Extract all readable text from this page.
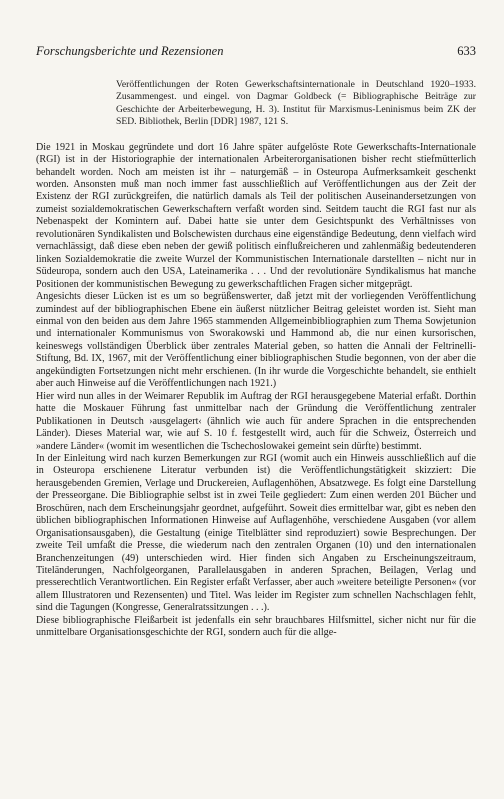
Forschungsberichte und Rezensionen	633
Veröffentlichungen der Roten Gewerkschaftsinternationale in Deutschland 1920–1933. Zusammengest. und eingel. von Dagmar Goldbeck (= Bibliographische Beiträge zur Geschichte der Arbeiterbewegung, H. 3). Institut für Marxismus-Leninismus beim ZK der SED. Bibliothek, Berlin [DDR] 1987, 121 S.

Die 1921 in Moskau gegründete und dort 16 Jahre später aufgelöste Rote Gewerkschafts-Internationale (RGI) ist in der Historiographie der internationalen Arbeiterorganisationen bisher recht stiefmütterlich behandelt worden. Noch am meisten ist ihr – naturgemäß – in Osteuropa Aufmerksamkeit geschenkt worden. Ansonsten muß man noch immer fast ausschließlich auf Veröffentlichungen aus der Zeit der Existenz der RGI zurückgreifen, die natürlich damals als Teil der politischen Auseinandersetzungen von zumeist sozialdemokratischen Gewerkschaftern verfaßt worden sind. Seitdem taucht die RGI fast nur als Nebenaspekt der Komintern auf. Dabei hatte sie unter dem Gesichtspunkt des Verhältnisses von revolutionären Syndikalisten und Bolschewisten durchaus eine eigenständige Bedeutung, denn vielfach wird vernachlässigt, daß diese eben neben der gewiß politisch einflußreicheren und zahlenmäßig bedeutenderen linken Sozialdemokratie die zweite Wurzel der Kommunistischen Internationale darstellten – nicht nur in Südeuropa, sondern auch den USA, Lateinamerika . . . Und der revolutionäre Syndikalismus hat manche Positionen der kommunistischen Bewegung zu gewerkschaftlichen Fragen sicher mitgeprägt.

Angesichts dieser Lücken ist es um so begrüßenswerter, daß jetzt mit der vorliegenden Veröffentlichung zumindest auf der bibliographischen Ebene ein äußerst nützlicher Beitrag geleistet worden ist. Sieht man einmal von den beiden aus dem Jahre 1965 stammenden Allgemeinbibliographien zum Thema Sowjetunion und internationaler Kommunismus von Sworakowski und Hammond ab, die nur einen kursorischen, keineswegs vollständigen Überblick über zentrales Material geben, so hatten die Annali der Feltrinelli-Stiftung, Bd. IX, 1967, mit der Veröffentlichung einer bibliographischen Studie begonnen, von der aber die angekündigten Fortsetzungen nicht mehr erschienen. (In ihr wurde die Vorgeschichte behandelt, sie enthielt aber auch Hinweise auf die Veröffentlichungen nach 1921.)

Hier wird nun alles in der Weimarer Republik im Auftrag der RGI herausgegebene Material erfaßt. Dorthin hatte die Moskauer Führung fast unmittelbar nach der Gründung die Veröffentlichung zentraler Publikationen in Deutsch ›ausgelagert‹ (ähnlich wie auch für andere Sprachen in die entsprechenden Länder). Dieses Material war, wie auf S. 10 f. festgestellt wird, auch für die Schweiz, Österreich und »andere Länder« (womit im wesentlichen die Tschechoslowakei gemeint sein dürfte) bestimmt.

In der Einleitung wird nach kurzen Bemerkungen zur RGI (womit auch ein Hinweis ausschließlich auf die in Osteuropa erschienene Literatur verbunden ist) die Veröffentlichungstätigkeit skizziert: Die herausgebenden Gremien, Verlage und Druckereien, Auflagenhöhen, Absatzwege. Es folgt eine Darstellung der Presseorgane. Die Bibliographie selbst ist in zwei Teile gegliedert: Zum einen werden 201 Bücher und Broschüren, nach dem Erscheinungsjahr geordnet, aufgeführt. Soweit dies ermittelbar war, gibt es neben den üblichen bibliographischen Informationen Hinweise auf Auflagenhöhe, verschiedene Ausgaben (vor allem Organisationsausgaben), die Gestaltung (einige Titelblätter sind reproduziert) sowie Besprechungen. Der zweite Teil umfaßt die Presse, die wiederum nach den zentralen Organen (10) und den internationalen Branchenzeitungen (49) unterschieden wird. Hier finden sich Angaben zu Erscheinungszeitraum, Titeländerungen, Nachfolgeorganen, Parallelausgaben in anderen Sprachen, Beilagen, Verlag und presserechtlich Verantwortlichen. Ein Register erfaßt Verfasser, aber auch »weitere beteiligte Personen« (vor allem Illustratoren und Rezensenten) und Titel. Was leider im Register zum schnellen Nachschlagen fehlt, sind die Tagungen (Kongresse, Generalratssitzungen . . .).

Diese bibliographische Fleißarbeit ist jedenfalls ein sehr brauchbares Hilfsmittel, sicher nicht nur für die unmittelbare Organisationsgeschichte der RGI, sondern auch für die allge-
